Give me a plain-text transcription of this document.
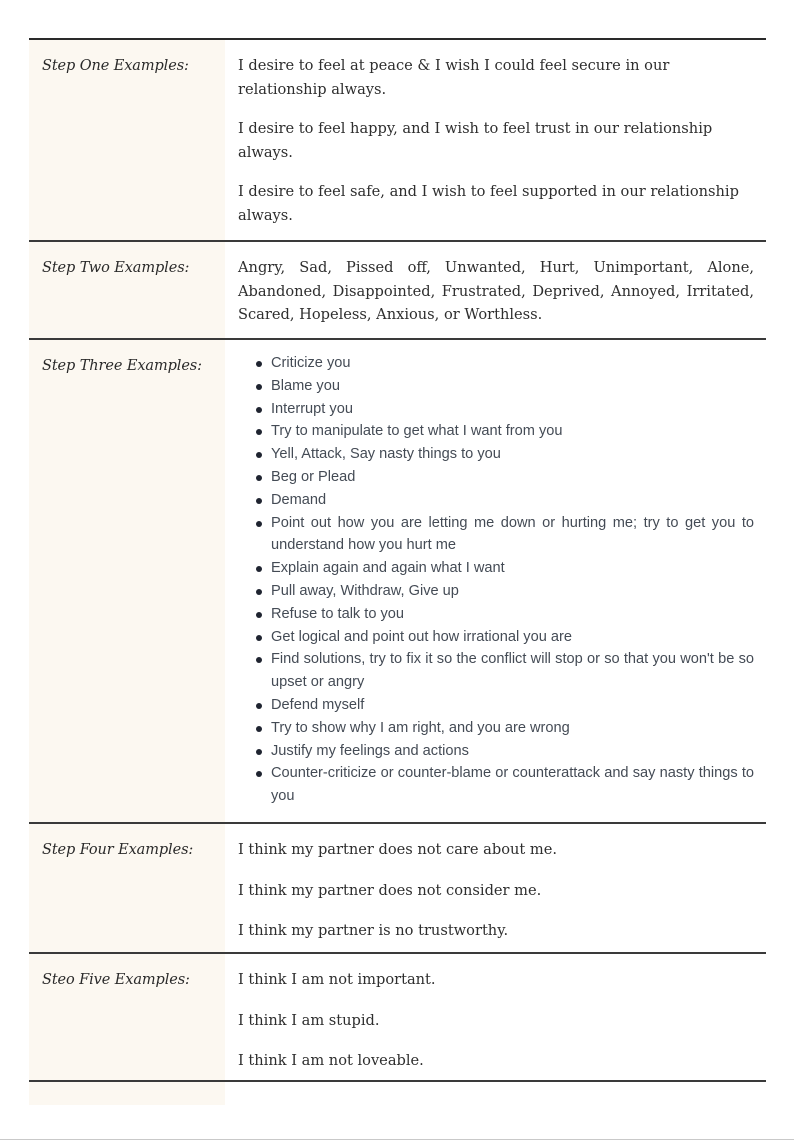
Step One Examples:	I desire to feel at peace & I wish I could feel secure in our relationship always.

I desire to feel happy, and I wish to feel trust in our relationship always.

I desire to feel safe, and I wish to feel supported in our relationship always.

Step Two Examples:	Angry, Sad, Pissed off, Unwanted, Hurt, Unimportant, Alone, Abandoned, Disappointed, Frustrated, Deprived, Annoyed, Irritated, Scared, Hopeless, Anxious, or Worthless.

Step Three Examples:	Criticize you
Blame you
Interrupt you
Try to manipulate to get what I want from you
Yell, Attack, Say nasty things to you
Beg or Plead
Demand
Point out how you are letting me down or hurting me; try to get you to understand how you hurt me
Explain again and again what I want
Pull away, Withdraw, Give up
Refuse to talk to you
Get logical and point out how irrational you are
Find solutions, try to fix it so the conflict will stop or so that you won't be so upset or angry
Defend myself
Try to show why I am right, and you are wrong
Justify my feelings and actions
Counter-criticize or counter-blame or counterattack and say nasty things to you
Step Four Examples:	I think my partner does not care about me.

I think my partner does not consider me.

I think my partner is no trustworthy.

Steo Five Examples:	I think I am not important.

I think I am stupid.

I think I am not loveable.
